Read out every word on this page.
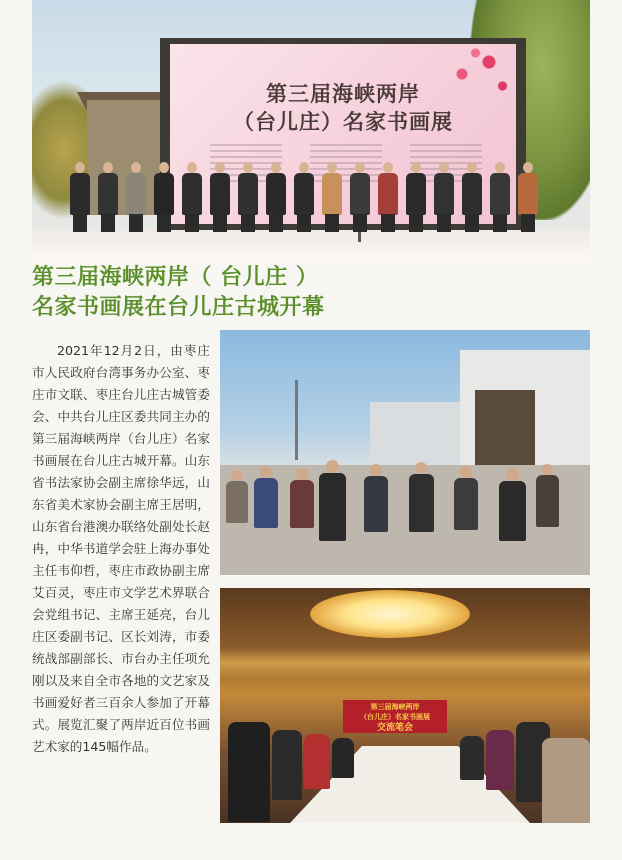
第三届海峡两岸
（台儿庄）名家书画展
第三届海峡两岸（ 台儿庄 ）
名家书画展在台儿庄古城开幕
2021年12月2日，由枣庄市人民政府台湾事务办公室、枣庄市文联、枣庄台儿庄古城管委会、中共台儿庄区委共同主办的第三届海峡两岸（台儿庄）名家书画展在台儿庄古城开幕。山东省书法家协会副主席徐华远，山东省美术家协会副主席王居明，山东省台港澳办联络处副处长赵冉，中华书道学会驻上海办事处主任韦仰哲，枣庄市政协副主席艾百灵，枣庄市文学艺术界联合会党组书记、主席王延亮，台儿庄区委副书记、区长刘涛，市委统战部副部长、市台办主任项允刚以及来自全市各地的文艺家及书画爱好者三百余人参加了开幕式。展览汇聚了两岸近百位书画艺术家的145幅作品。
第三届海峡两岸
（台儿庄）名家书画展
交流笔会
